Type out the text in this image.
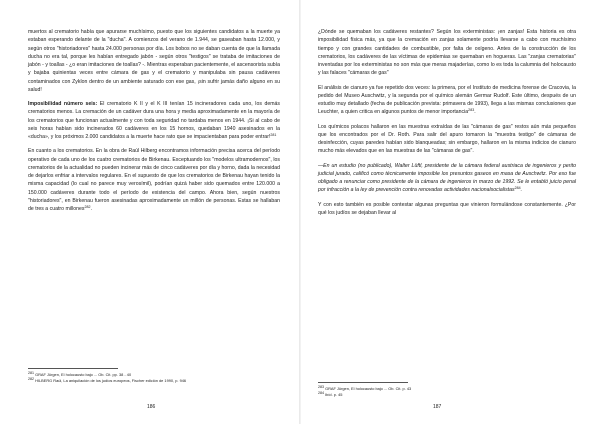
muertos al crematorio había que apurarse muchísimo, puesto que los siguientes candidatos a la muerte ya estaban esperando delante de la "ducha". A comienzos del verano de 1.944, se gaseaban hasta 12.000, y según otros "historiadores" hasta 24.000 personas por día. Los bobos no se daban cuenta de que la llamada ducha no era tal, porque les habían entregado jabón - según otros "testigos" se trataba de imitaciones de jabón - y toallas - ¿o eran imitaciones de toallas? -. Mientras esperaban pacientemente, el ascensorista subía y bajaba quinientas veces entre cámara de gas y el crematorio y manipulaba sin pausa cadáveres contaminados con Zyklon dentro de un ambiente saturado con ese gas, ¡sin sufrir jamás daño alguno en su salud!

Imposibilidad número seis: El crematorio K II y el K III tenían 15 incineradores cada uno, los demás crematorios menos. La cremación de un cadáver dura una hora y media aproximadamente en la mayoría de los crematorios que funcionan actualmente y con toda seguridad no tardaba menos en 1944. ¡Si al cabo de seis horas habían sido incinerados 60 cadáveres en los 15 hornos, quedaban 1940 asesinados en la «ducha», y los próximos 2.000 candidatos a la muerte hace rato que se impacientaban para poder entrar!$^{281}$

En cuanto a los crematorios. En la obra de Raúl Hilberg encontramos información precisa acerca del período operativo de cada uno de los cuatro crematorios de Birkenau. Exceptuando los "modelos ultramodernos", los crematorios de la actualidad no pueden incinerar más de cinco cadáveres por día y horno, dada la necesidad de dejarlos enfriar a intervalos regulares. En el supuesto de que los crematorios de Birkenau hayan tenido la misma capacidad (lo cual no parece muy verosímil), podrían quizá haber sido quemados entre 120.000 a 150.000 cadáveres durante todo el período de existencia del campo. Ahora bien, según nuestros "historiadores", en Birkenau fueron asesinadas aproximadamente un millón de personas. Estas se hallaban de tres a cuatro millones$^{282}$.

$^{281}$ GRAF Jürgen, El holocausto bajo ... Ob. Cit. pp. 38 - 40

$^{282}$ HILBERG Raúl, La aniquilación de los judíos europeos, Fischer edición de 1990, p. 946

186

¿Dónde se quemaban los cadáveres restantes? Según los exterministas: ¡en zanjas! Esta historia es otra imposibilidad física más, ya que la cremación en zanjas solamente podría llevarse a cabo con muchísimo tiempo y con grandes cantidades de combustible, por falta de oxígeno. Antes de la construcción de los crematorios, los cadáveres de las víctimas de epidemias se quemaban en hogueras. Las "zanjas crematorias" inventadas por los exterministas no son más que meras majaderías, como lo es toda la calumnia del holocausto y las falaces "cámaras de gas"

El análisis de cianuro ya fue repetido dos veces: la primera, por el Instituto de medicina forense de Cracovia, la pedido del Museo Auschwitz, y la segunda por el químico alemán Germar Rudolf. Este último, después de un estudio muy detallado (fecha de publicación prevista: primavera de 1993), llega a las mismas conclusiones que Leuchter, a quien critica en algunos puntos de menor importancia$^{283}$.

Los químicos polacos hallaron en las muestras extraídas de las "cámaras de gas" restos aún más pequeños que los encontrados por el Dr. Roth. Para salir del apuro tomaron la "muestra testigo" de cámaras de desinfección, cuyas paredes habían sido blanqueadas; sin embargo, hallaron en la misma indicios de cianuro mucho más elevados que en las muestras de las "cámaras de gas".

—En un estudio (no publicado), Walter Lüftl, presidente de la cámara federal austriaca de ingenieros y perito judicial jurado, calificó como técnicamente imposible los presuntos gaseos en masa de Auschwitz. Por eso fue obligado a renunciar como presidente de la cámara de ingenieros in marzo de 1992. Se le entabló juicio penal por infracción a la ley de prevención contra renovadas actividades nacionalsocialistas$^{284}$.

Y con esto también es posible contestar algunas preguntas que vinieron formulándose constantemente. ¿Por qué los judíos se dejaban llevar al

$^{283}$ GRAF Jürgen, El holocausto bajo ... Ob. Cit. p. 43

$^{284}$ Ibíd. p. 45

187
